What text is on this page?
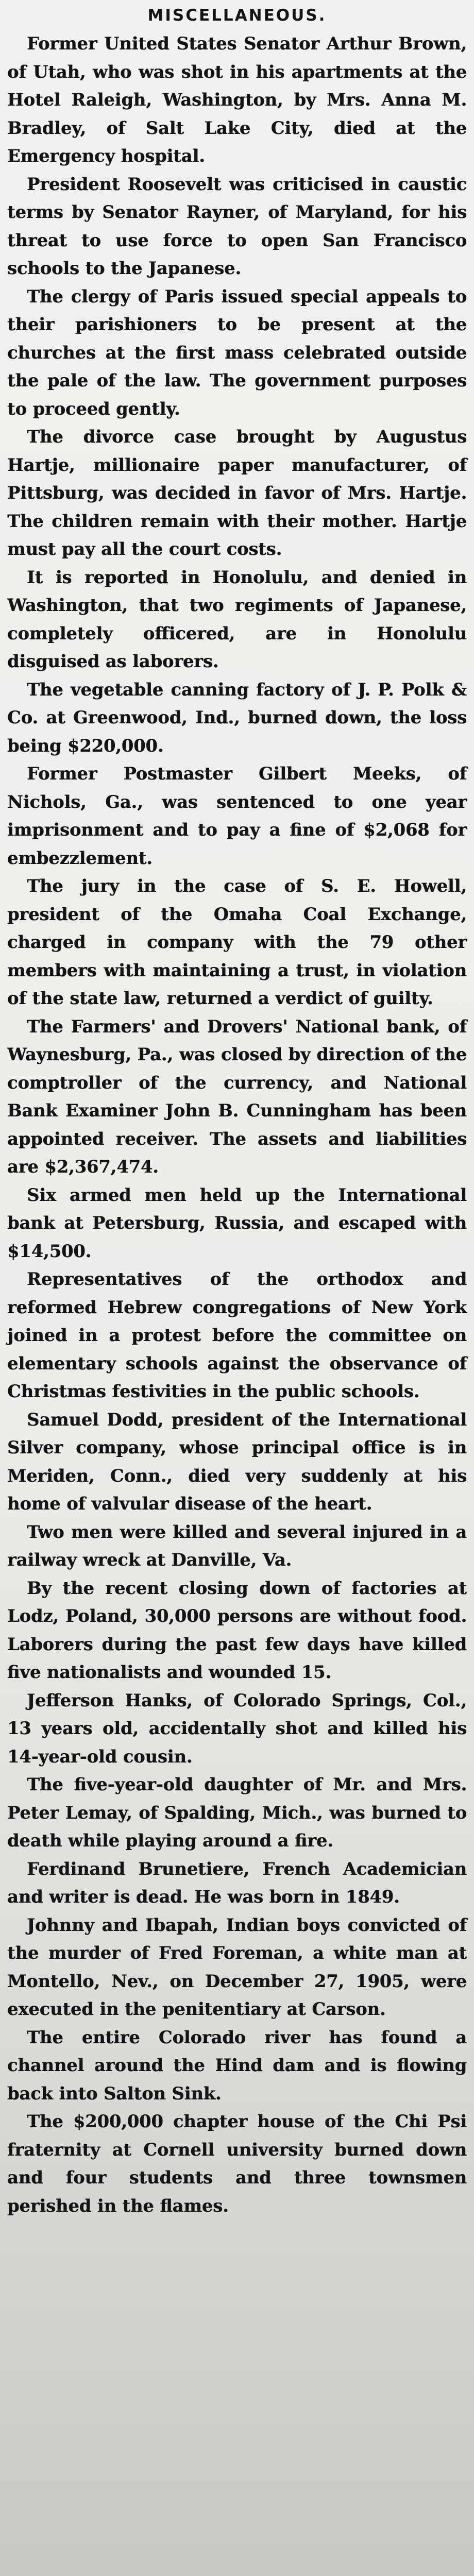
MISCELLANEOUS.

Former United States Senator Arthur Brown, of Utah, who was shot in his apartments at the Hotel Raleigh, Washington, by Mrs. Anna M. Bradley, of Salt Lake City, died at the Emergency hospital.

President Roosevelt was criticised in caustic terms by Senator Rayner, of Maryland, for his threat to use force to open San Francisco schools to the Japanese.

The clergy of Paris issued special appeals to their parishioners to be present at the churches at the first mass celebrated outside the pale of the law. The government purposes to proceed gently.

The divorce case brought by Augustus Hartje, millionaire paper manufacturer, of Pittsburg, was decided in favor of Mrs. Hartje. The children remain with their mother. Hartje must pay all the court costs.

It is reported in Honolulu, and denied in Washington, that two regiments of Japanese, completely officered, are in Honolulu disguised as laborers.

The vegetable canning factory of J. P. Polk & Co. at Greenwood, Ind., burned down, the loss being $220,000.

Former Postmaster Gilbert Meeks, of Nichols, Ga., was sentenced to one year imprisonment and to pay a fine of $2,068 for embezzlement.

The jury in the case of S. E. Howell, president of the Omaha Coal Exchange, charged in company with the 79 other members with maintaining a trust, in violation of the state law, returned a verdict of guilty.

The Farmers' and Drovers' National bank, of Waynesburg, Pa., was closed by direction of the comptroller of the currency, and National Bank Examiner John B. Cunningham has been appointed receiver. The assets and liabilities are $2,367,474.

Six armed men held up the International bank at Petersburg, Russia, and escaped with $14,500.

Representatives of the orthodox and reformed Hebrew congregations of New York joined in a protest before the committee on elementary schools against the observance of Christmas festivities in the public schools.

Samuel Dodd, president of the International Silver company, whose principal office is in Meriden, Conn., died very suddenly at his home of valvular disease of the heart.

Two men were killed and several injured in a railway wreck at Danville, Va.

By the recent closing down of factories at Lodz, Poland, 30,000 persons are without food. Laborers during the past few days have killed five nationalists and wounded 15.

Jefferson Hanks, of Colorado Springs, Col., 13 years old, accidentally shot and killed his 14-year-old cousin.

The five-year-old daughter of Mr. and Mrs. Peter Lemay, of Spalding, Mich., was burned to death while playing around a fire.

Ferdinand Brunetiere, French Academician and writer is dead. He was born in 1849.

Johnny and Ibapah, Indian boys convicted of the murder of Fred Foreman, a white man at Montello, Nev., on December 27, 1905, were executed in the penitentiary at Carson.

The entire Colorado river has found a channel around the Hind dam and is flowing back into Salton Sink.

The $200,000 chapter house of the Chi Psi fraternity at Cornell university burned down and four students and three townsmen perished in the flames.
